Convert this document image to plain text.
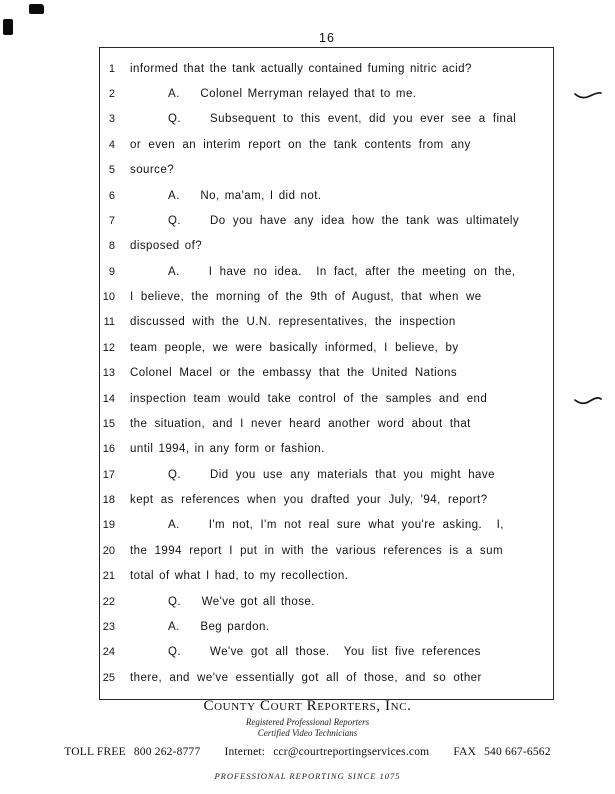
16
1 informed that the tank actually contained fuming nitric acid?
2	A.    Colonel Merryman relayed that to me.
3	Q.    Subsequent to this event, did you ever see a final
4 or even an interim report on the tank contents from any
5 source?
6	A.    No, ma'am, I did not.
7	Q.    Do you have any idea how the tank was ultimately
8 disposed of?
9	A.    I have no idea.  In fact, after the meeting on the,
10 I believe, the morning of the 9th of August, that when we
11 discussed with the U.N. representatives, the inspection
12 team people, we were basically informed, I believe, by
13 Colonel Macel or the embassy that the United Nations
14 inspection team would take control of the samples and end
15 the situation, and I never heard another word about that
16 until 1994, in any form or fashion.
17	Q.    Did you use any materials that you might have
18 kept as references when you drafted your July, '94, report?
19	A.    I'm not, I'm not real sure what you're asking.  I,
20 the 1994 report I put in with the various references is a sum
21 total of what I had, to my recollection.
22	Q.    We've got all those.
23	A.    Beg pardon.
24	Q.    We've got all those.  You list five references
25 there, and we've essentially got all of those, and so other
County Court Reporters, Inc.
Registered Professional Reporters
Certified Video Technicians
TOLL FREE 800 262-8777 Internet: ccr@courtreportingservices.com FAX 540 667-6562
PROFESSIONAL REPORTING SINCE 1075
